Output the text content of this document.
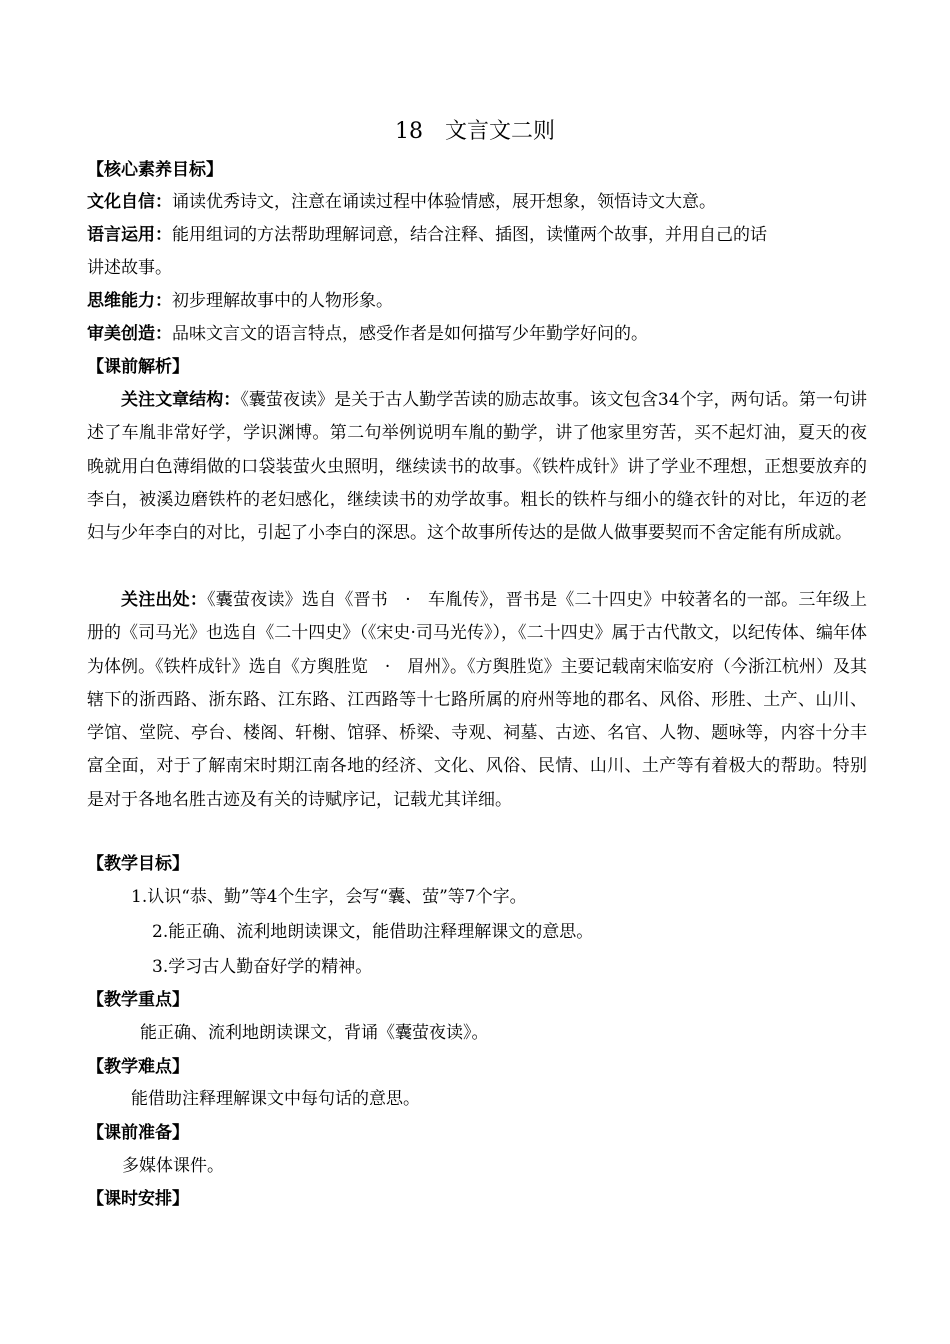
18　文言文二则
【核心素养目标】
文化自信：诵读优秀诗文，注意在诵读过程中体验情感，展开想象，领悟诗文大意。
语言运用：能用组词的方法帮助理解词意，结合注释、插图，读懂两个故事，并用自己的话
讲述故事。
思维能力：初步理解故事中的人物形象。
审美创造：品味文言文的语言特点，感受作者是如何描写少年勤学好问的。
【课前解析】
关注文章结构：《囊萤夜读》是关于古人勤学苦读的励志故事。该文包含34个字，两句话。第一句讲述了车胤非常好学，学识渊博。第二句举例说明车胤的勤学，讲了他家里穷苦，买不起灯油，夏天的夜晚就用白色薄绢做的口袋装萤火虫照明，继续读书的故事。《铁杵成针》讲了学业不理想，正想要放弃的李白，被溪边磨铁杵的老妇感化，继续读书的劝学故事。粗长的铁杵与细小的缝衣针的对比，年迈的老妇与少年李白的对比，引起了小李白的深思。这个故事所传达的是做人做事要契而不舍定能有所成就。
关注出处：《囊萤夜读》选自《晋书　·　车胤传》，晋书是《二十四史》中较著名的一部。三年级上册的《司马光》也选自《二十四史》（《宋史·司马光传》），《二十四史》属于古代散文，以纪传体、编年体为体例。《铁杵成针》选自《方舆胜览　·　眉州》。《方舆胜览》主要记载南宋临安府（今浙江杭州）及其辖下的浙西路、浙东路、江东路、江西路等十七路所属的府州等地的郡名、风俗、形胜、土产、山川、学馆、堂院、亭台、楼阁、轩榭、馆驿、桥梁、寺观、祠墓、古迹、名官、人物、题咏等，内容十分丰富全面，对于了解南宋时期江南各地的经济、文化、风俗、民情、山川、土产等有着极大的帮助。特别是对于各地名胜古迹及有关的诗赋序记，记载尤其详细。
【教学目标】
1.认识“恭、勤”等4个生字，会写“囊、萤”等7个字。
2.能正确、流利地朗读课文，能借助注释理解课文的意思。
3.学习古人勤奋好学的精神。
【教学重点】
能正确、流利地朗读课文，背诵《囊萤夜读》。
【教学难点】
能借助注释理解课文中每句话的意思。
【课前准备】
多媒体课件。
【课时安排】
